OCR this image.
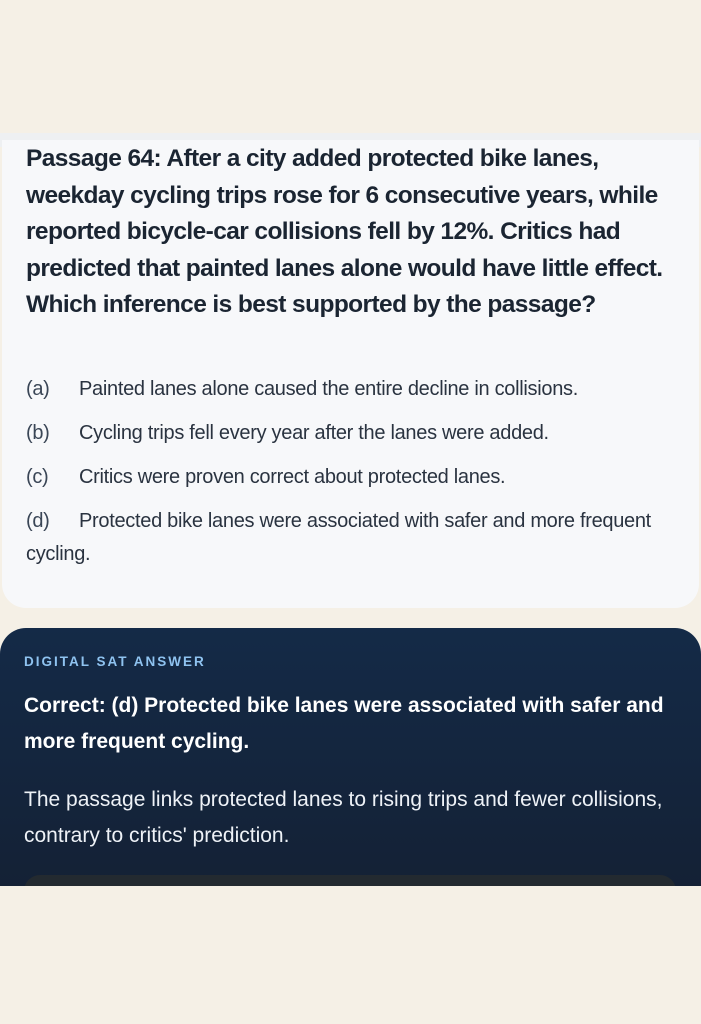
Passage 64: After a city added protected bike lanes, weekday cycling trips rose for 6 consecutive years, while reported bicycle-car collisions fell by 12%. Critics had predicted that painted lanes alone would have little effect. Which inference is best supported by the passage?

(a) Painted lanes alone caused the entire decline in collisions.
(b) Cycling trips fell every year after the lanes were added.
(c) Critics were proven correct about protected lanes.
(d) Protected bike lanes were associated with safer and more frequent cycling.
DIGITAL SAT ANSWER

Correct: (d) Protected bike lanes were associated with safer and more frequent cycling.

The passage links protected lanes to rising trips and fewer collisions, contrary to critics' prediction.
